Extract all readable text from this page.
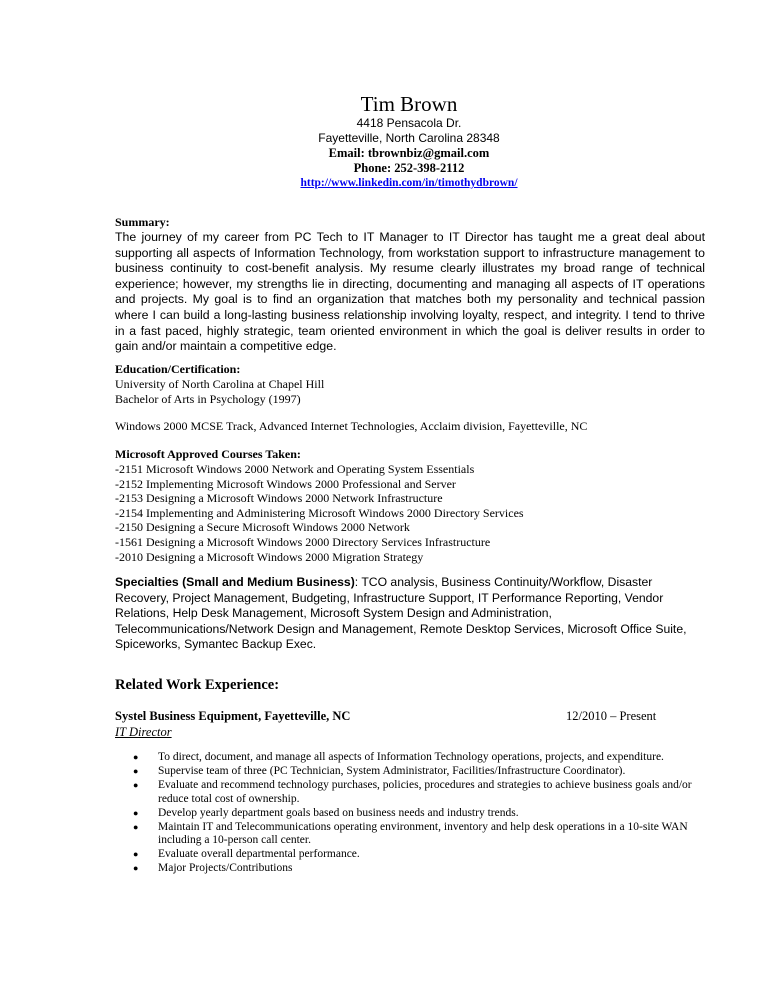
Tim Brown
4418 Pensacola Dr.
Fayetteville, North Carolina 28348
Email: tbrownbiz@gmail.com
Phone: 252-398-2112
http://www.linkedin.com/in/timothydbrown/
Summary:
The journey of my career from PC Tech to IT Manager to IT Director has taught me a great deal about supporting all aspects of Information Technology, from workstation support to infrastructure management to business continuity to cost-benefit analysis. My resume clearly illustrates my broad range of technical experience; however, my strengths lie in directing, documenting and managing all aspects of IT operations and projects. My goal is to find an organization that matches both my personality and technical passion where I can build a long-lasting business relationship involving loyalty, respect, and integrity. I tend to thrive in a fast paced, highly strategic, team oriented environment in which the goal is deliver results in order to gain and/or maintain a competitive edge.
Education/Certification:
University of North Carolina at Chapel Hill
Bachelor of Arts in Psychology (1997)
Windows 2000 MCSE Track, Advanced Internet Technologies, Acclaim division, Fayetteville, NC
Microsoft Approved Courses Taken:
-2151 Microsoft Windows 2000 Network and Operating System Essentials
-2152 Implementing Microsoft Windows 2000 Professional and Server
-2153 Designing a Microsoft Windows 2000 Network Infrastructure
-2154 Implementing and Administering Microsoft Windows 2000 Directory Services
-2150 Designing a Secure Microsoft Windows 2000 Network
-1561 Designing a Microsoft Windows 2000 Directory Services Infrastructure
-2010 Designing a Microsoft Windows 2000 Migration Strategy
Specialties (Small and Medium Business): TCO analysis, Business Continuity/Workflow, Disaster Recovery, Project Management, Budgeting, Infrastructure Support, IT Performance Reporting, Vendor Relations, Help Desk Management, Microsoft System Design and Administration, Telecommunications/Network Design and Management, Remote Desktop Services, Microsoft Office Suite, Spiceworks, Symantec Backup Exec.
Related Work Experience:
Systel Business Equipment, Fayetteville, NC	12/2010 – Present
IT Director
● To direct, document, and manage all aspects of Information Technology operations, projects, and expenditure.
● Supervise team of three (PC Technician, System Administrator, Facilities/Infrastructure Coordinator).
● Evaluate and recommend technology purchases, policies, procedures and strategies to achieve business goals and/or reduce total cost of ownership.
● Develop yearly department goals based on business needs and industry trends.
● Maintain IT and Telecommunications operating environment, inventory and help desk operations in a 10-site WAN including a 10-person call center.
● Evaluate overall departmental performance.
● Major Projects/Contributions
